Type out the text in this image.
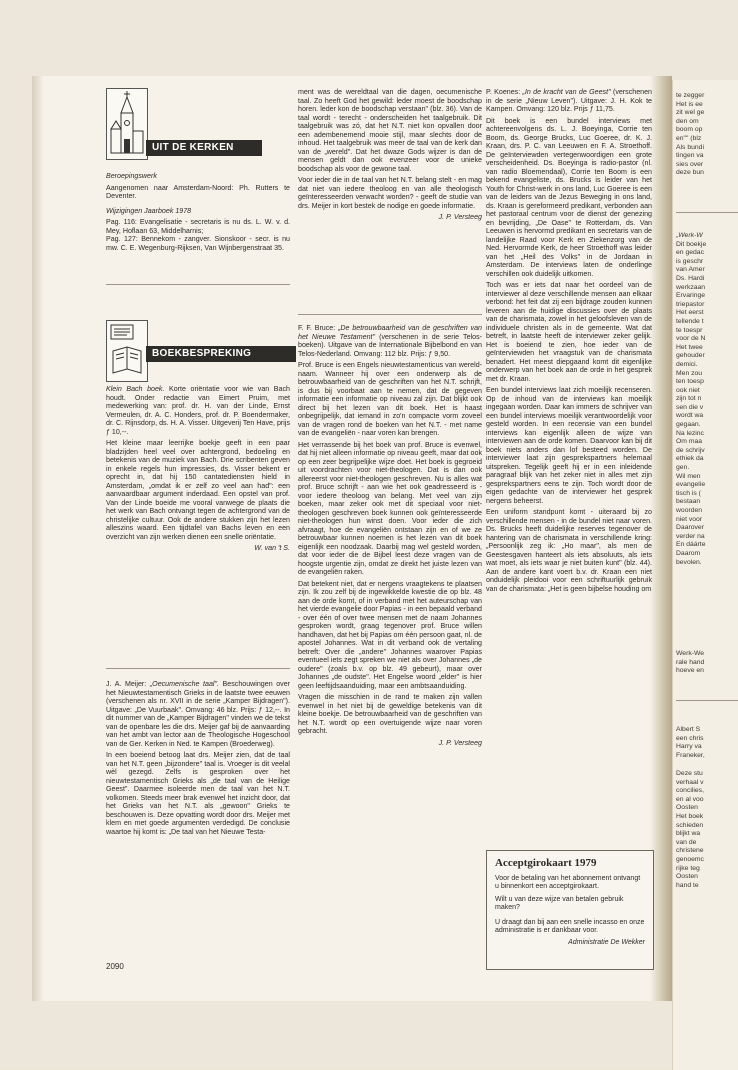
UIT DE KERKEN

Beroepingswerk

Aangenomen naar Amsterdam-Noord: Ph. Rutters te Deventer.

Wijzigingen Jaarboek 1978

Pag. 116: Evangelisatie - secretaris is nu ds. L. W. v. d. Mey, Hoflaan 63, Middelharnis;

Pag. 127: Bennekom - zangver. Sionskoor - secr. is nu mw. C. E. Wegenburg-Rijksen, Van Wijnbergenstraat 35.

BOEKBESPREKING

Klein Bach boek. Korte oriëntatie voor wie van Bach houdt. Onder redactie van Eimert Pruim, met medewerking van: prof. dr. H. van der Linde, Ernst Vermeulen, dr. A. C. Honders, prof. dr. P. Boendermaker, dr. C. Rijnsdorp, ds. H. A. Visser. Uitgeverij Ten Have, prijs ƒ 10,--.

Het kleine maar leerrijke boekje geeft in een paar bladzijden heel veel over achtergrond, bedoeling en betekenis van de muziek van Bach. Drie scribenten geven in enkele regels hun impressies, ds. Visser bekent er oprecht in, dat hij 150 cantatediensten hield in Amsterdam, „omdat ik er zelf zo veel aan had": een aanvaardbaar argument inderdaad. Een opstel van prof. Van der Linde boeide me vooral vanwege de plaats die het werk van Bach ontvangt tegen de achtergrond van de christelijke cultuur. Ook de andere stukken zijn het lezen alleszins waard. Een tijdtafel van Bachs leven en een overzicht van zijn werken dienen een snelle oriëntatie.

W. van 't S.

J. A. Meijer: „Oecumenische taal". Beschouwingen over het Nieuwtestamentisch Grieks in de laatste twee eeuwen (verschenen als nr. XVII in de serie „Kamper Bijdragen"). Uitgave: „De Vuurbaak". Omvang: 46 blz. Prijs: ƒ 12,--. In dit nummer van de „Kamper Bijdragen" vinden we de tekst van de openbare les die drs. Meijer gaf bij de aanvaarding van het ambt van lector aan de Theologische Hogeschool van de Ger. Kerken in Ned. te Kampen (Broederweg).

In een boeiend betoog laat drs. Meijer zien, dat de taal van het N.T. geen „bijzondere" taal is. Vroeger is dit veelal wèl gezegd. Zelfs is gesproken over het nieuwtestamentisch Grieks als „de taal van de Heilige Geest". Daarmee isoleerde men de taal van het N.T. volkomen. Steeds meer brak evenwel het inzicht door, dat het Grieks van het N.T. als „gewoon" Grieks te beschouwen is. Deze opvatting wordt door drs. Meijer met klem en met goede argumenten verdedigd. De conclusie waartoe hij komt is: „De taal van het Nieuwe Testa-

2090

ment was de wereldtaal van die dagen, oecumenische taal. Zo heeft God het gewild: leder moest de boodschap horen. leder kon de boodschap verstaan" (blz. 36). Van de taal wordt - terecht - onderscheiden het taalgebruik. Dit taalgebruik was zó, dat het N.T. niet kon opvallen door een adembenemend mooie stijl, maar slechts door de inhoud. Het taalgebruik was meer de taal van de kerk dan van de „wereld". Dat het dwaze Gods wijzer is dan de mensen geldt dan ook evenzeer voor de unieke boodschap als voor de gewone taal.

Voor ieder die in de taal van het N.T. belang stelt - en mag dat niet van iedere theoloog en van alle theologisch geïnteresseerden verwacht worden? - geeft de studie van drs. Meijer in kort bestek de nodige en goede informatie.

J. P. Versteeg

F. F. Bruce: „De betrouwbaarheid van de geschriften van het Nieuwe Testament" (verschenen in de serie Telos-boeken). Uitgave van de Internationale Bijbelbond en van Telos-Nederland. Omvang: 112 blz. Prijs: ƒ 9,50.

Prof. Bruce is een Engels nieuwtestamenticus van wereld-naam. Wanneer hij over een onderwerp als de betrouwbaarheid van de geschriften van het N.T. schrijft, is dus bij voorbaat aan te nemen, dat de gegeven informatie een informatie op niveau zal zijn. Dat blijkt ook direct bij het lezen van dit boek. Het is haast onbegrijpelijk, dat iemand in zo'n compacte vorm zoveel van de vragen rond de boeken van het N.T. - met name van de evangeliën - naar voren kan brengen.

Het verrassende bij het boek van prof. Bruce is evenwel, dat hij niet alleen informatie op niveau geeft, maar dat ook op een zeer begrijpelijke wijze doet. Het boek is gegroeid uit voordrachten voor niet-theologen. Dat is dan ook allereerst voor niet-theologen geschreven. Nu is alles wat prof. Bruce schrijft - aan wie het ook geadresseerd is - voor iedere theoloog van belang. Met veel van zijn boeken, maar zeker ook met dit speciaal voor niet-theologen geschreven boek kunnen ook geïnteresseerde niet-theologen hun winst doen. Voor ieder die zich afvraagt, hoe de evangeliën ontstaan zijn en of we ze betrouwbaar kunnen noemen is het lezen van dit boek eigenlijk een noodzaak. Daarbij mag wel gesteld worden, dat voor ieder die de Bijbel leest deze vragen van de hoogste urgentie zijn, omdat ze direkt het juiste lezen van de evangeliën raken.

Dat betekent niet, dat er nergens vraagtekens te plaatsen zijn. Ik zou zelf bij de ingewikkelde kwestie die op blz. 48 aan de orde komt, of in verband met het auteurschap van het vierde evangelie door Papias - in een bepaald verband - over één of over twee mensen met de naam Johannes gesproken wordt, graag tegenover prof. Bruce willen handhaven, dat het bij Papias om één persoon gaat, nl. de apostel Johannes. Wat in dit verband ook de vertaling betreft: Over die „andere" Johannes waarover Papias eventueel iets zegt spreken we niet als over Johannes „de oudere" (zoals b.v. op blz. 49 gebeurt), maar over Johannes „de oudste". Het Engelse woord „elder" is hier geen leeftijdsaanduiding, maar een ambtsaanduiding.

Vragen die misschien in de rand te maken zijn vallen evenwel in het niet bij de geweldige betekenis van dit kleine boekje. De betrouwbaarheid van de geschriften van het N.T. wordt op een overtuigende wijze naar voren gebracht.

J. P. Versteeg

P. Koenes: „In de kracht van de Geest" (verschenen in de serie „Nieuw Leven"). Uitgave: J. H. Kok te Kampen. Omvang: 120 blz. Prijs ƒ 11,75.

Dit boek is een bundel interviews met achtereenvolgens ds. L. J. Boeyinga, Corrie ten Boom, ds. George Brucks, Luc Goeree, dr. K. J. Kraan, drs. P. C. van Leeuwen en F. A. Stroethoff. De geïnterviewden vertegenwoordigen een grote verscheidenheid. Ds. Boeyinga is radio-pastor (nl. van radio Bloemendaal), Corrie ten Boom is een bekend evangeliste, ds. Brucks is leider van het Youth for Christ-werk in ons land, Luc Goeree is een van de leiders van de Jezus Beweging in ons land, ds. Kraan is gereformeerd predikant, verbonden aan het pastoraal centrum voor de dienst der genezing en bevrijding, „De Oase" te Rotterdam, ds. Van Leeuwen is hervormd predikant en secretaris van de landelijke Raad voor Kerk en Ziekenzorg van de Ned. Hervormde Kerk, de heer Stroethoff was leider van het „Heil des Volks" in de Jordaan in Amsterdam. De interviews laten de onderlinge verschillen ook duidelijk uitkomen.

Toch was er iets dat naar het oordeel van de interviewer al deze verschillende mensen aan elkaar verbond: het feit dat zij een bijdrage zouden kunnen leveren aan de huidige discussies over de plaats van de charismata, zowel in het geloofsleven van de individuele christen als in de gemeente. Wat dat betreft, in laatste heeft de interviewer zeker gelijk. Het is boeiend te zien, hoe ieder van de geïnterviewden het vraagstuk van de charismata benadert. Het meest diepgaand komt dit eigenlijke onderwerp van het boek aan de orde in het gesprek met dr. Kraan.

Een bundel interviews laat zich moeilijk recenseren. Op de inhoud van de interviews kan moeilijk ingegaan worden. Daar kan immers de schrijver van een bundel interviews moeilijk verantwoordelijk voor gesteld worden. In een recensie van een bundel interviews kan eigenlijk alleen de wijze van interviewen aan de orde komen. Daarvoor kan bij dit boek niets anders dan lof besteed worden. De interviewer laat zijn gesprekspartners helemaal uitspreken. Tegelijk geeft hij er in een inleidende paragraaf blijk van het zeker niet in alles met zijn gesprekspartners eens te zijn. Toch wordt door de eigen gedachte van de interviewer het gesprek nergens beheerst.

Een uniform standpunt komt - uiteraard bij zo verschillende mensen - in de bundel niet naar voren. Ds. Brucks heeft duidelijke reserves tegenover de hantering van de charismata in verschillende kring: „Persoonlijk zeg ik: „Ho maar", als men de Geestesgaven hanteert als iets absoluuts, als iets wat moet, als iets waar je niet buiten kunt" (blz. 44). Aan de andere kant voert b.v. dr. Kraan een niet onduidelijk pleidooi voor een schriftuurlijk gebruik van de charismata: „Het is geen bijbelse houding om

Acceptgirokaart 1979

Voor de betaling van het abonnement ontvangt u binnenkort een acceptgirokaart.

Wilt u van deze wijze van betalen gebruik maken?

U draagt dan bij aan een snelle incasso en onze administratie is er dankbaar voor.

Administratie De Wekker

te zegger
Het is ee
zit wel ge
den om
boom op
en"" (blz
Als bundi
tingen va
sies over
deze bun
„Werk-W
Dit boekje
en gedac
is geschr
van Amer
Ds. Hardi
werkzaan
Ervaringe
triepastor
Het eerst
tellende t
te toespr
voor de N
Het twee
gehouder
demici.
Men zou
ten toesp
ook niet
zijn tot n
sen die v
wordt wa
gegaan.
Na lezinc
Om maa
de schrijv
ethiek da
gen.
Wil men
evangelie
tisch is (
bestaan
woorden
niet voor
Daarover
verder na
En dáárte
Daarom
bevolen.
Werk-We
rale hand
hoeve en
Albert S
een chris
Harry va
Franeker,
Deze stu
verhaal v
concilies,
en al voo
Oosten
Het boek
schieden
blijkt wa
van de
christene
genoemc
rijke teg
Oosten
hand te
